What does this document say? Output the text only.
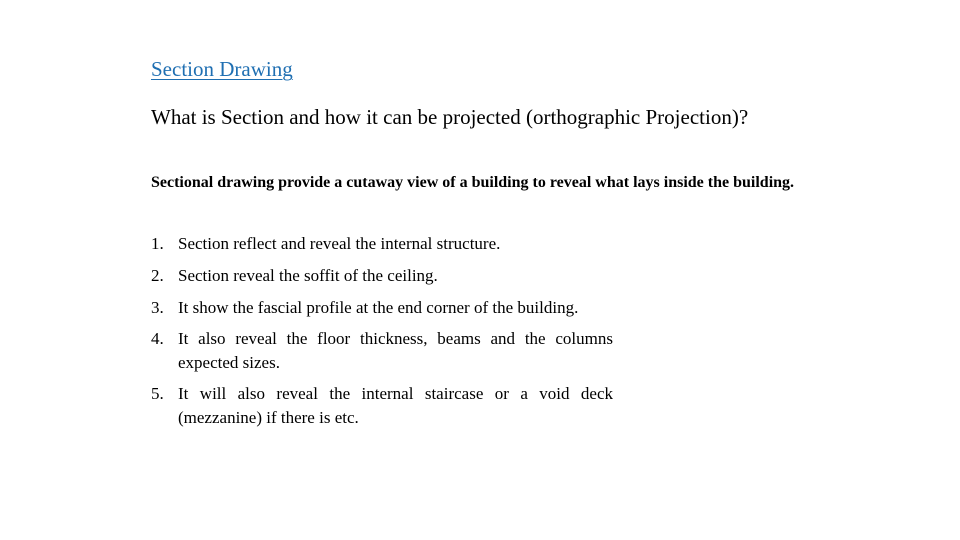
Section Drawing
What is Section and how it can be projected (orthographic Projection)?
Sectional drawing provide a cutaway view of a building to reveal what lays inside the building.
1. Section reflect and reveal the internal structure.
2. Section reveal the soffit of the ceiling.
3. It show the fascial profile at the end corner of the building.
4. It also reveal the floor thickness, beams and the columns expected sizes.
5. It will also reveal the internal staircase or a void deck (mezzanine) if there is etc.
